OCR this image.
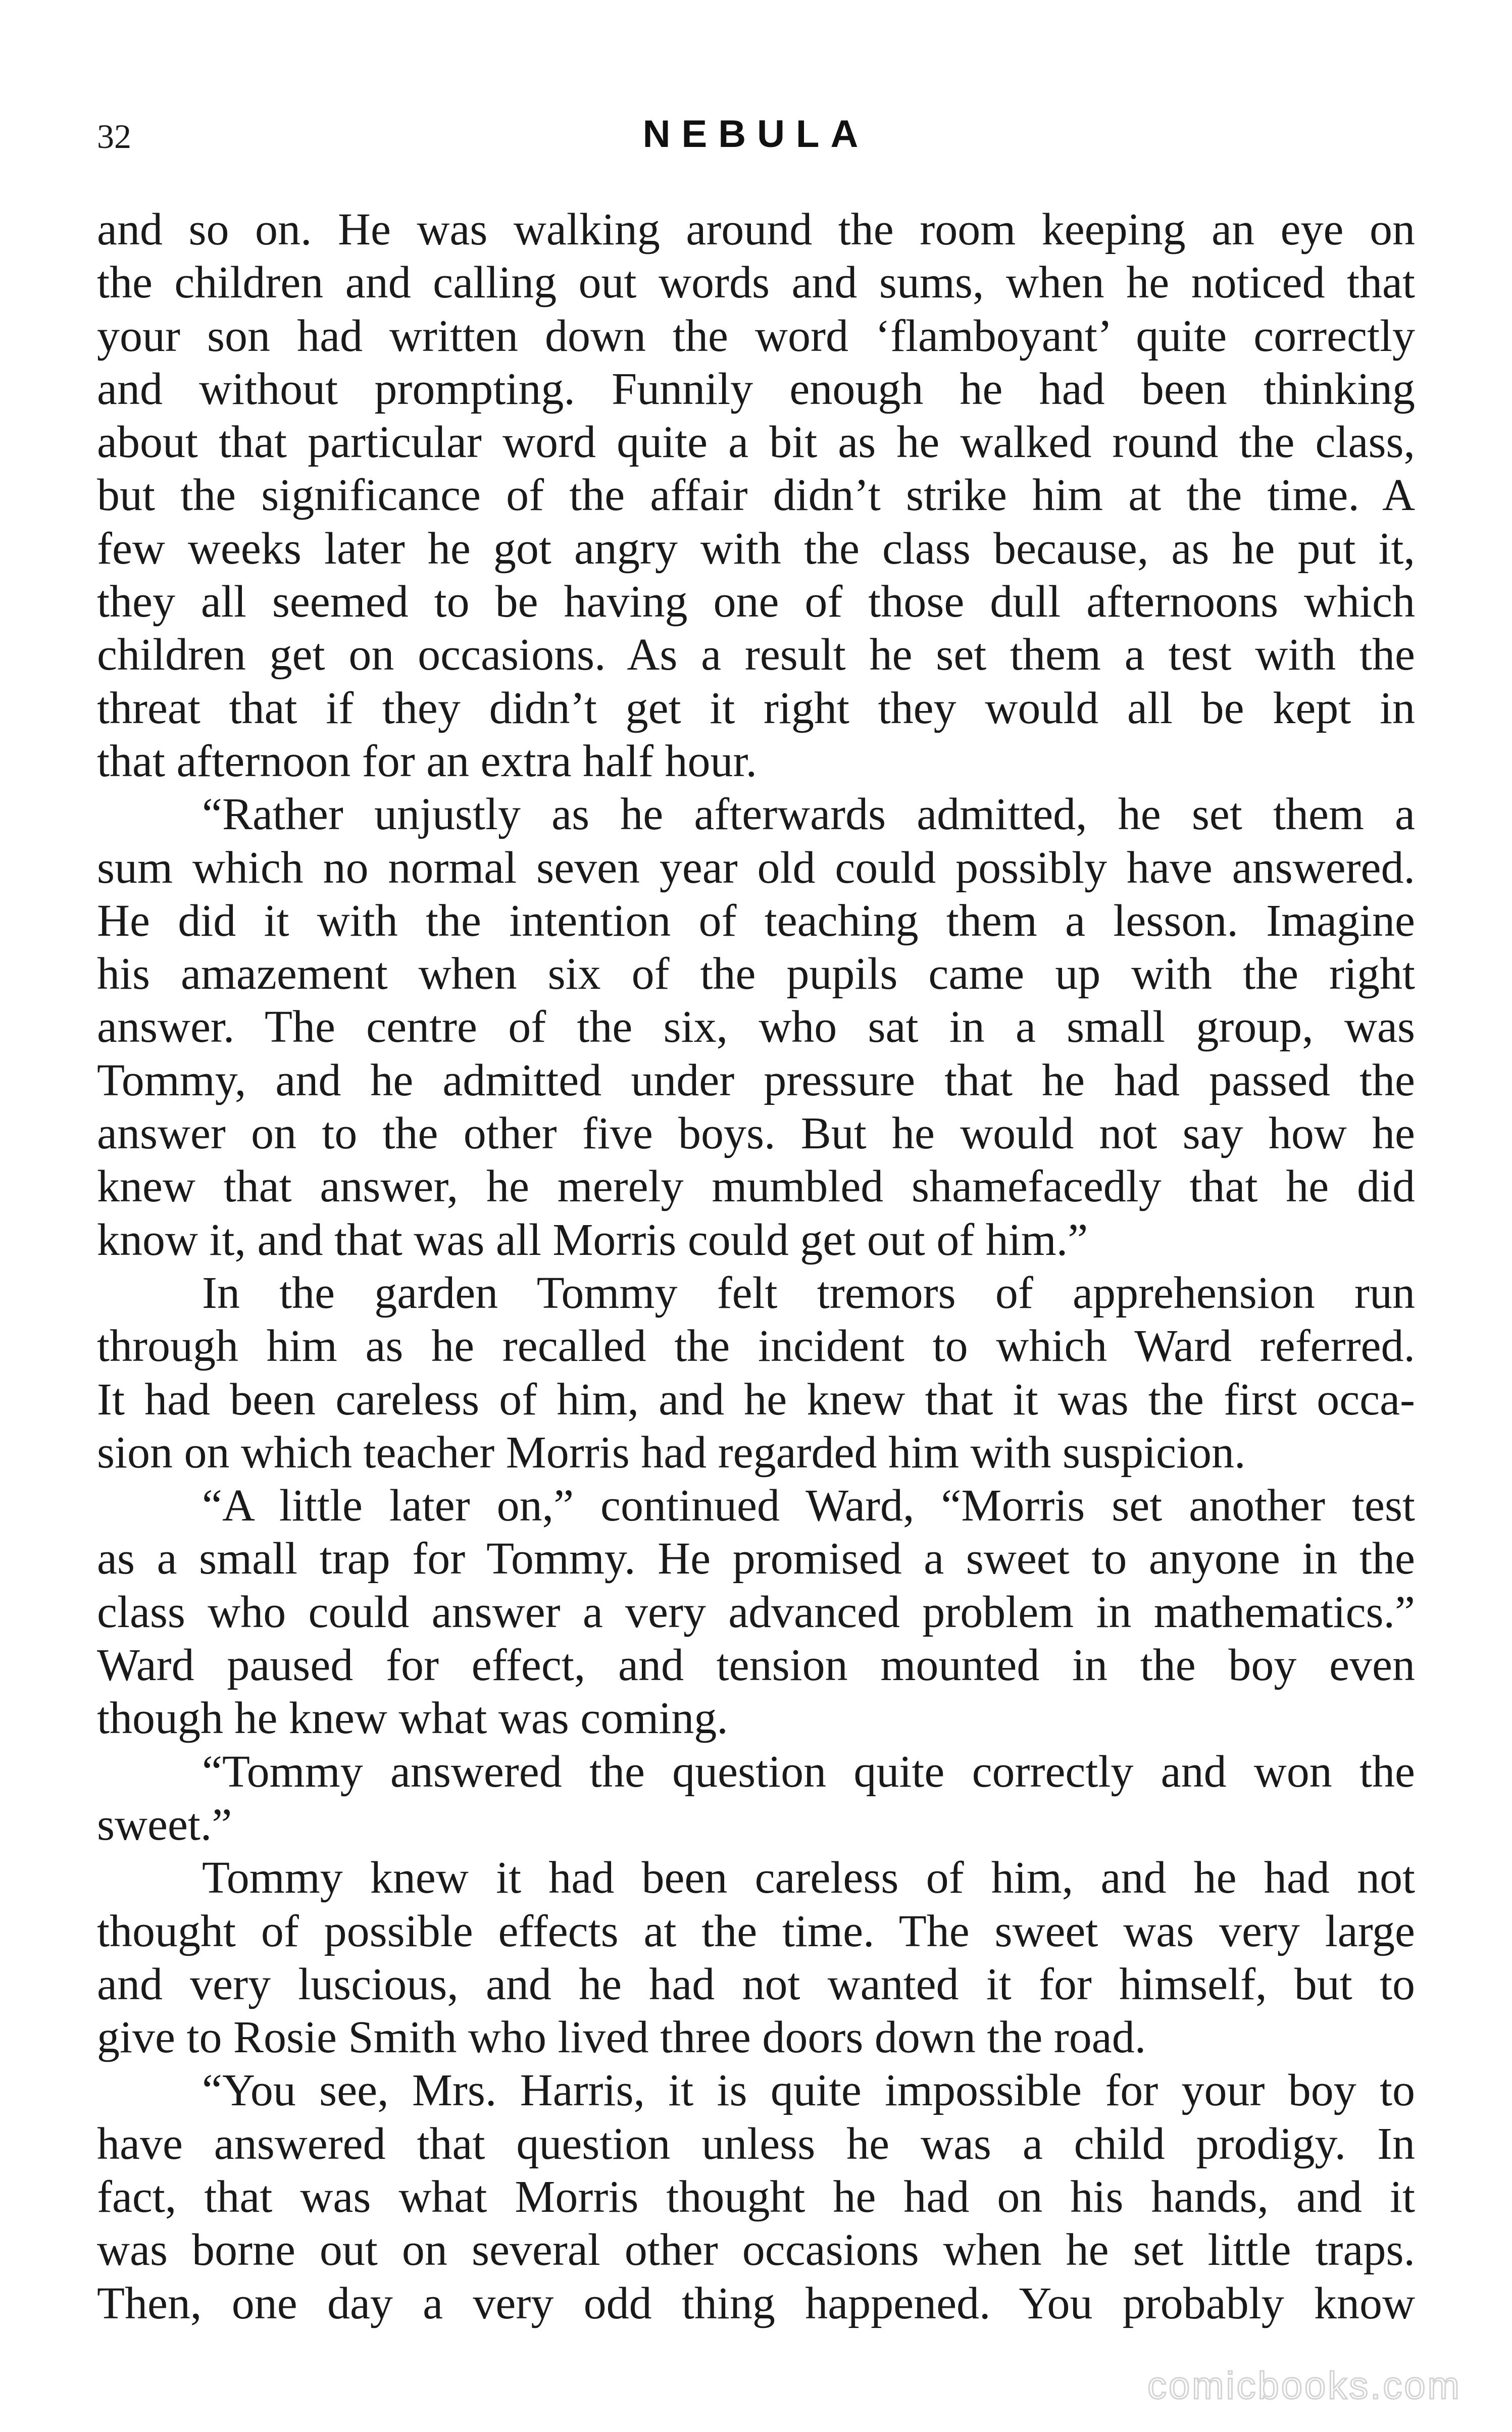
32	NEBULA
and so on. He was walking around the room keeping an eye on
the children and calling out words and sums, when he noticed that
your son had written down the word ‘flamboyant’ quite correctly
and without prompting. Funnily enough he had been thinking
about that particular word quite a bit as he walked round the class,
but the significance of the affair didn’t strike him at the time. A
few weeks later he got angry with the class because, as he put it,
they all seemed to be having one of those dull afternoons which
children get on occasions. As a result he set them a test with the
threat that if they didn’t get it right they would all be kept in
that afternoon for an extra half hour.
“Rather unjustly as he afterwards admitted, he set them a
sum which no normal seven year old could possibly have answered.
He did it with the intention of teaching them a lesson. Imagine
his amazement when six of the pupils came up with the right
answer. The centre of the six, who sat in a small group, was
Tommy, and he admitted under pressure that he had passed the
answer on to the other five boys. But he would not say how he
knew that answer, he merely mumbled shamefacedly that he did
know it, and that was all Morris could get out of him.”
In the garden Tommy felt tremors of apprehension run
through him as he recalled the incident to which Ward referred.
It had been careless of him, and he knew that it was the first occa-
sion on which teacher Morris had regarded him with suspicion.
“A little later on,” continued Ward, “Morris set another test
as a small trap for Tommy. He promised a sweet to anyone in the
class who could answer a very advanced problem in mathematics.”
Ward paused for effect, and tension mounted in the boy even
though he knew what was coming.
“Tommy answered the question quite correctly and won the
sweet.”
Tommy knew it had been careless of him, and he had not
thought of possible effects at the time. The sweet was very large
and very luscious, and he had not wanted it for himself, but to
give to Rosie Smith who lived three doors down the road.
“You see, Mrs. Harris, it is quite impossible for your boy to
have answered that question unless he was a child prodigy. In
fact, that was what Morris thought he had on his hands, and it
was borne out on several other occasions when he set little traps.
Then, one day a very odd thing happened. You probably know
comicbooks.com
